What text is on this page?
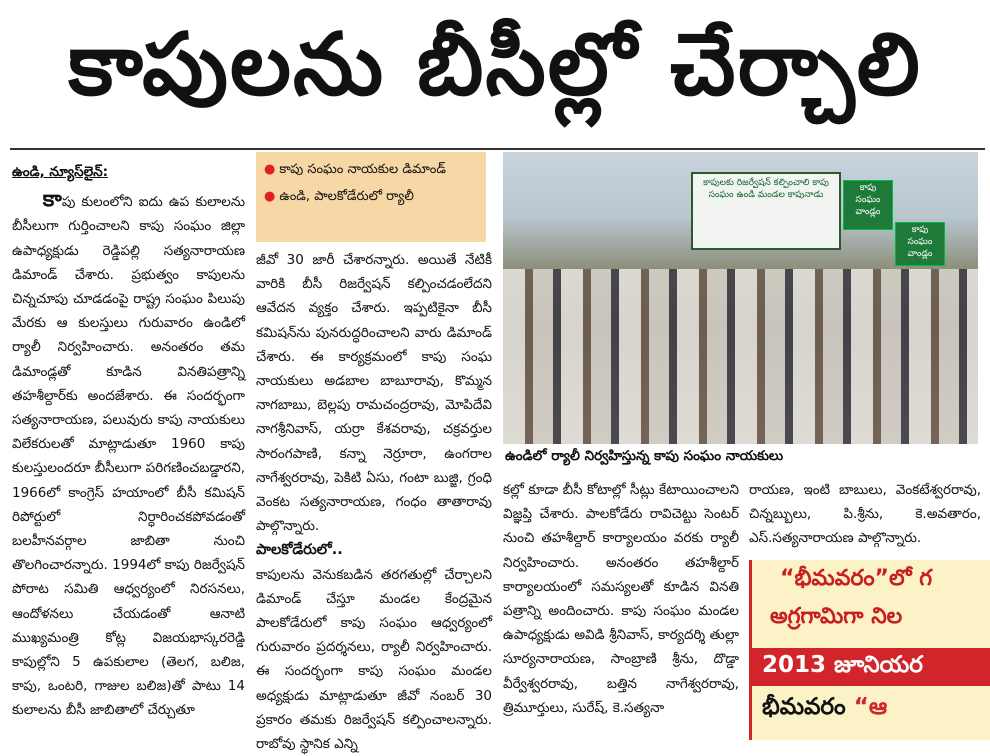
కాపులను బీసీల్లో చేర్చాలి
ఉండి, న్యూస్‌లైన్:

కాపు కులంలోని ఐదు ఉప కులాలను బీసీలుగా గుర్తించాలని కాపు సంఘం జిల్లా ఉపాధ్యక్షుడు రెడ్డిపల్లి సత్యనారాయణ డిమాండ్ చేశారు. ప్రభుత్వం కాపులను చిన్నచూపు చూడడంపై రాష్ట్ర సంఘం పిలుపు మేరకు ఆ కులస్తులు గురువారం ఉండిలో ర్యాలీ నిర్వహించారు. అనంతరం తమ డిమాండ్లతో కూడిన వినతిపత్రాన్ని తహశీల్దార్‌కు అందజేశారు. ఈ సందర్భంగా సత్యనారాయణ, పలువురు కాపు నాయకులు విలేకరులతో మాట్లాడుతూ 1960 కాపు కులస్తులందరూ బీసీలుగా పరిగణించబడ్డారని, 1966లో కాంగ్రెస్ హయాంలో బీసీ కమిషన్ రిపోర్టులో నిర్ధారించకపోవడంతో బలహీనవర్గాల జాబితా నుంచి తొలగించారన్నారు. 1994లో కాపు రిజర్వేషన్ పోరాట సమితి ఆధ్వర్యంలో నిరసనలు, ఆందోళనలు చేయడంతో ఆనాటి ముఖ్యమంత్రి కోట్ల విజయభాస్కరరెడ్డి కాపుల్లోని 5 ఉపకులాల (తెలగ, బలిజ, కాపు, ఒంటరి, గాజుల బలిజ)తో పాటు 14 కులాలను బీసీ జాబితాలో చేర్చుతూ

● కాపు సంఘం నాయకుల డిమాండ్
● ఉండి, పాలకోడేరులో ర్యాలీ

జీవో 30 జారీ చేశారన్నారు. అయితే నేటికీ వారికి బీసీ రిజర్వేషన్ కల్పించడంలేదని ఆవేదన వ్యక్తం చేశారు. ఇప్పటికైనా బీసీ కమిషన్‌ను పునరుద్ధరించాలని వారు డిమాండ్ చేశారు. ఈ కార్యక్రమంలో కాపు సంఘ నాయకులు అడబాల బాబూరావు, కొమ్మన నాగబాబు, బెల్లపు రామచంద్రరావు, మోపిదేవి నాగశ్రీనివాస్, యర్రా కేశవరావు, చక్రవర్తుల సారంగపాణి, కన్నా నెర్రూరా, ఉంగరాల నాగేశ్వరరావు, పెకిటి ఏసు, గంటా బుజ్జి, గ్రంధి వెంకట సత్యనారాయణ, గంధం తాతారావు పాల్గొన్నారు.

పాలకోడేరులో..

కాపులను వెనుకబడిన తరగతుల్లో చేర్చాలని డిమాండ్ చేస్తూ మండల కేంద్రమైన పాలకోడేరులో కాపు సంఘం ఆధ్వర్యంలో గురువారం ప్రదర్శనలు, ర్యాలీ నిర్వహించారు. ఈ సందర్భంగా కాపు సంఘం మండల అధ్యక్షుడు మాట్లాడుతూ జీవో నంబర్ 30 ప్రకారం తమకు రిజర్వేషన్ కల్పించాలన్నారు. రాబోవు స్థానిక ఎన్ని

కాపులకు రిజర్వేషన్ కల్పించాలి కాపు సంఘం ఉండి మండల కాపునాడు
కాపు సంఘం వాండ్లం
కాపు సంఘం వాండ్లం
ఉండిలో ర్యాలీ నిర్వహిస్తున్న కాపు సంఘం నాయకులు

కల్లో కూడా బీసీ కోటాల్లో సీట్లు కేటాయించాలని విజ్ఞప్తి చేశారు. పాలకోడేరు రావిచెట్టు సెంటర్ నుంచి తహశీల్దార్ కార్యాలయం వరకు ర్యాలీ నిర్వహించారు. అనంతరం తహశీల్దార్ కార్యాలయంలో సమస్యలతో కూడిన వినతి పత్రాన్ని అందించారు. కాపు సంఘం మండల ఉపాధ్యక్షుడు అవిడి శ్రీనివాస్, కార్యదర్శి తుల్లా సూర్యనారాయణ, సాంబ్రాణి శ్రీను, దొడ్డా వీర్వేశ్వరరావు, బత్తిన నాగేశ్వరరావు, త్రిమూర్తులు, సురేష్, కె.సత్యనా

రాయణ, ఇంటి బాబులు, వెంకటేశ్వరరావు, చిన్నబ్బులు, పి.శ్రీను, కె.అవతారం, ఎస్.సత్యనారాయణ పాల్గొన్నారు.

“భీమవరం”లో గ
అగ్రగామిగా నిల
2013 జూనియర
భీమవరం “ఆ
